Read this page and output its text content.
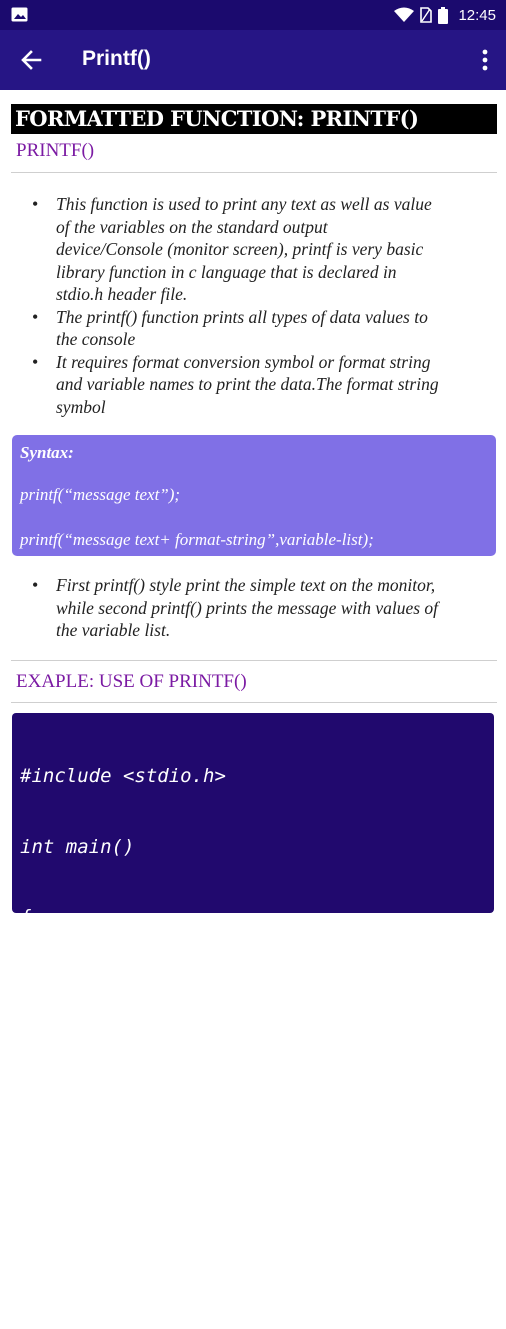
12:45
Printf()
FORMATTED FUNCTION: PRINTF()
PRINTF()
• This function is used to print any text as well as value
of the variables on the standard output
device/Console (monitor screen), printf is very basic
library function in c language that is declared in
stdio.h header file.
• The printf() function prints all types of data values to
the console
• It requires format conversion symbol or format string
and variable names to print the data.The format string
symbol
Syntax:
printf(“message text”);
printf(“message text+ format-string”,variable-list);
• First printf() style print the simple text on the monitor,
while second printf() prints the message with values of
the variable list.
EXAPLE: USE OF PRINTF()

#include <stdio.h>

int main()

{

printf("C language");

printf("Pradips Apps");

printf("Bitsofcomputer");

return 0;

}
